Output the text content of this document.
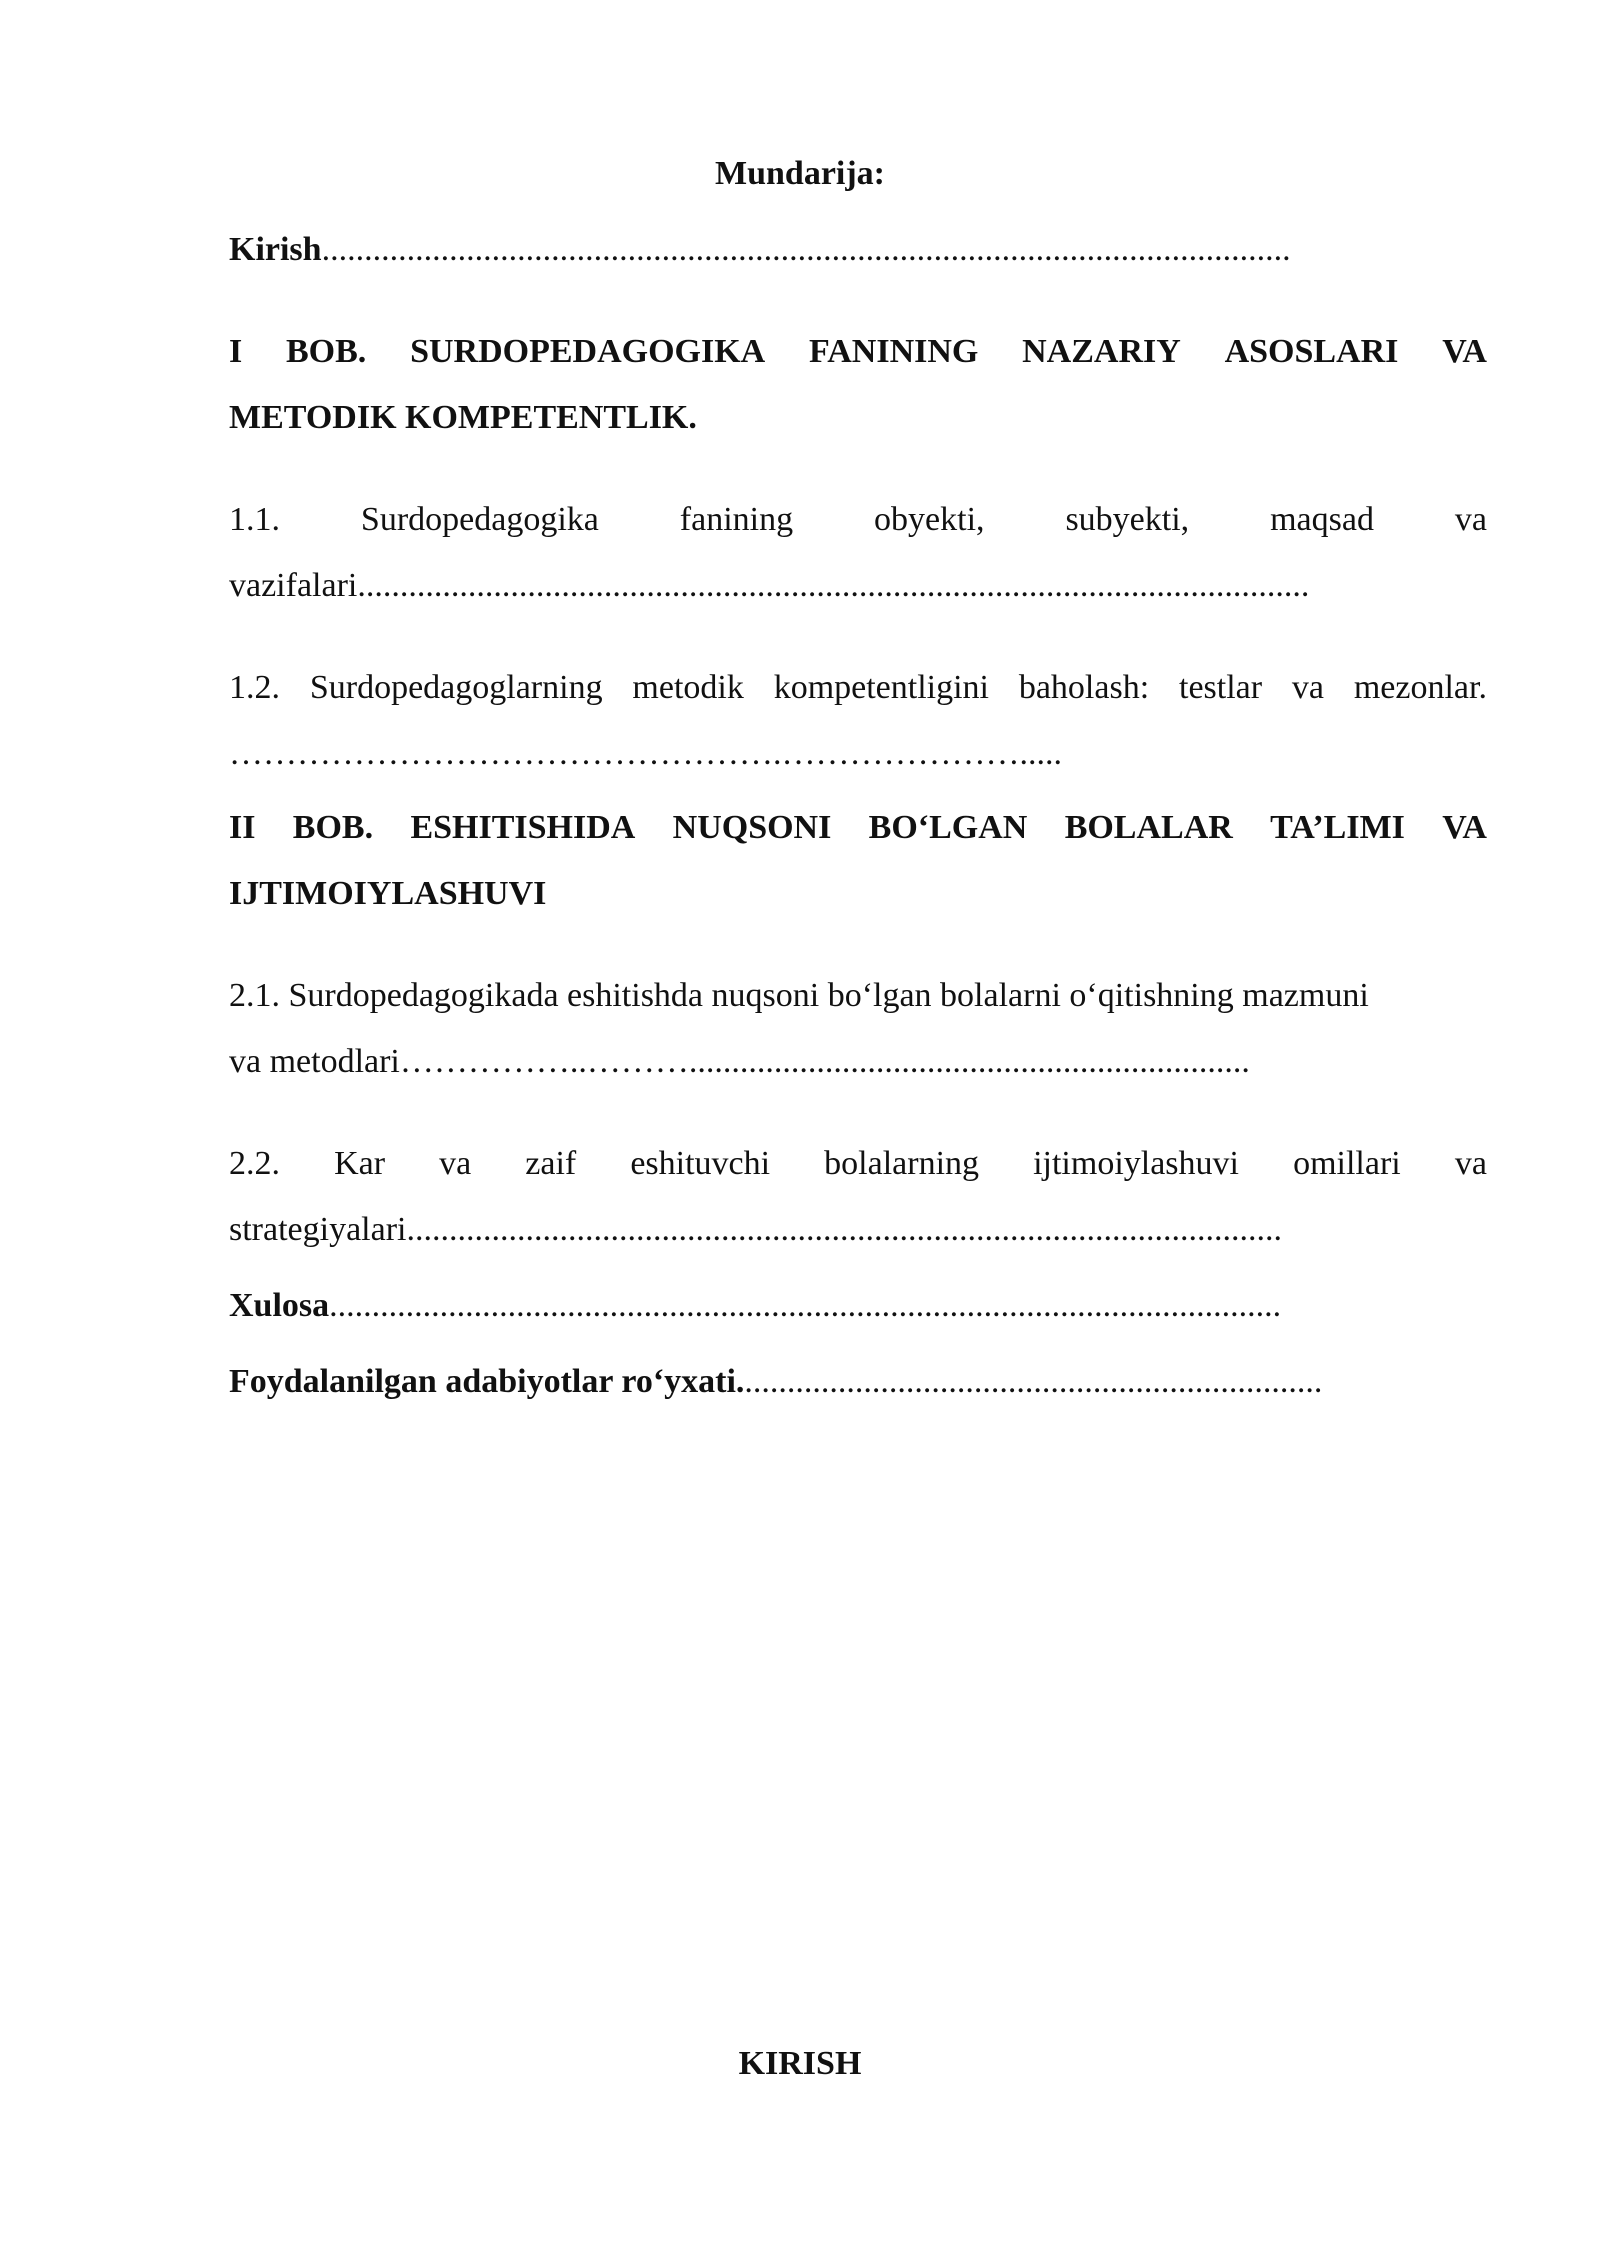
Mundarija:
Kirish..................................................................................................................
I BOB. SURDOPEDAGOGIKA FANINING NAZARIY ASOSLARI VA
METODIK KOMPETENTLIK.
1.1. Surdopedagogika fanining obyekti, subyekti, maqsad va
vazifalari................................................................................................................
1.2. Surdopedagoglarning metodik kompetentligini baholash: testlar va mezonlar.
………………………………………….………………….....
II BOB. ESHITISHIDA NUQSONI BO‘LGAN BOLALAR TA’LIMI VA
IJTIMOIYLASHUVI
2.1. Surdopedagogikada eshitishda nuqsoni bo‘lgan bolalarni o‘qitishning mazmuni
va metodlari……………..………..................................................................
2.2. Kar va zaif eshituvchi bolalarning ijtimoiylashuvi omillari va
strategiyalari.......................................................................................................
Xulosa................................................................................................................
Foydalanilgan adabiyotlar ro‘yxati.....................................................................
KIRISH
